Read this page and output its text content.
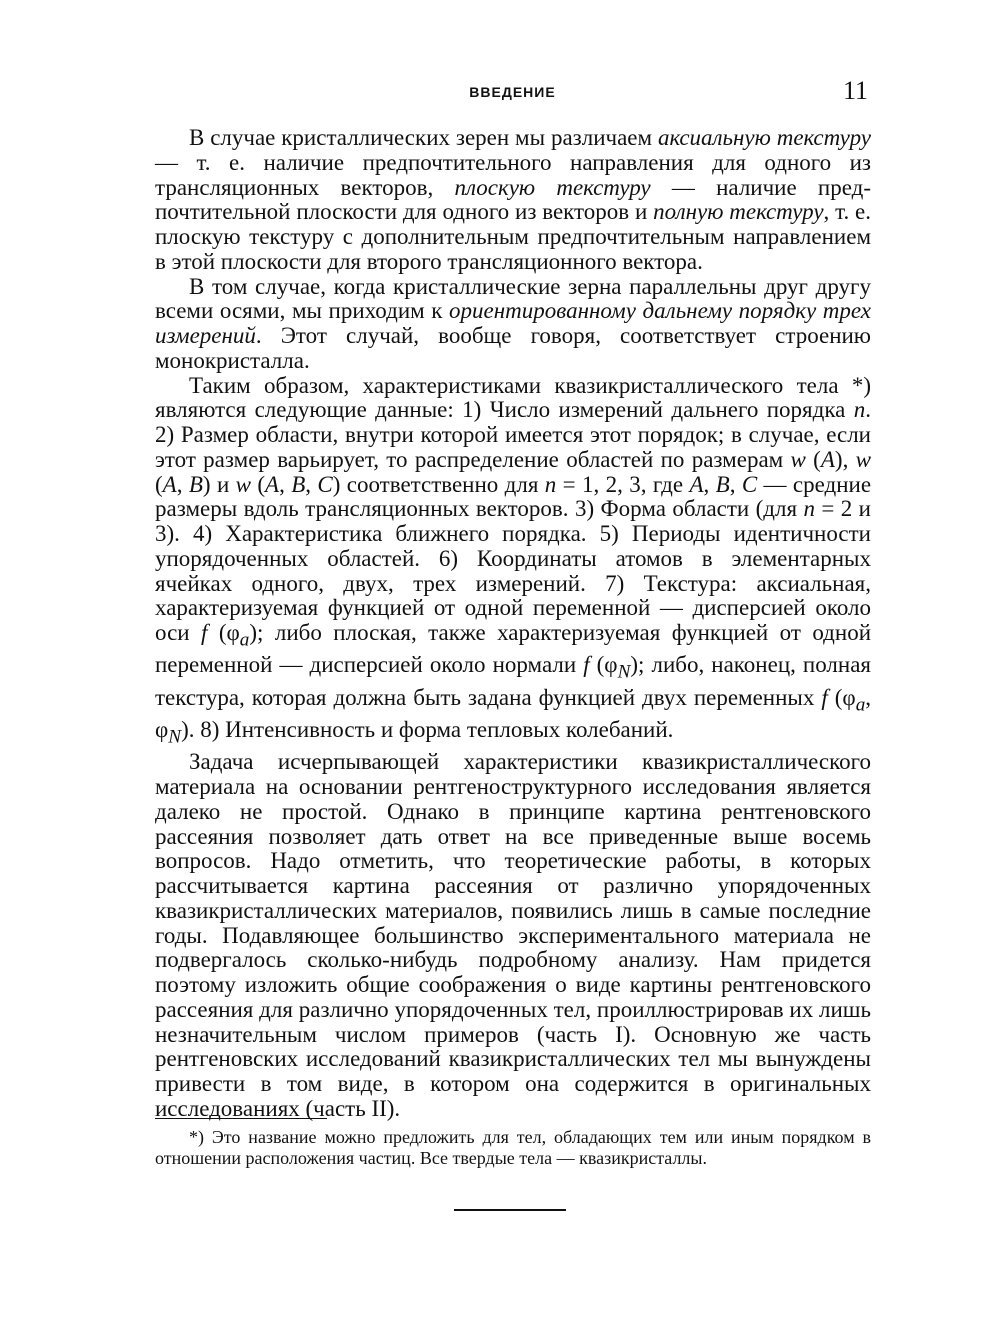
ВВЕДЕНИЕ	11

В случае кристаллических зерен мы различаем аксиальную текстуру — т. е. наличие предпочтительного направления для одного из трансляционных векторов, плоскую текстуру — наличие предпочтительной плоскости для одного из векторов и полную текстуру, т. е. плоскую текстуру с дополнительным предпочтительным направлением в этой плоскости для второго трансляционного вектора.

В том случае, когда кристаллические зерна параллельны друг другу всеми осями, мы приходим к ориентированному дальнему порядку трех измерений. Этот случай, вообще говоря, соответствует строению монокристалла.

Таким образом, характеристиками квазикристаллического тела *) являются следующие данные: 1) Число измерений дальнего порядка n. 2) Размер области, внутри которой имеется этот порядок; в случае, если этот размер варьирует, то распределение областей по размерам w (A), w (A, B) и w (A, B, C) соответственно для n = 1, 2, 3, где A, B, C — средние размеры вдоль трансляционных векторов. 3) Форма области (для n = 2 и 3). 4) Характеристика ближнего порядка. 5) Периоды идентичности упорядоченных областей. 6) Координаты атомов в элементарных ячейках одного, двух, трех измерений. 7) Текстура: аксиальная, характеризуемая функцией от одной переменной — дисперсией около оси f $(\varphi_a)$; либо плоская, также характеризуемая функцией от одной переменной — дисперсией около нормали f $(\varphi_N)$; либо, наконец, полная текстура, которая должна быть задана функцией двух переменных f ($\varphi_a$, $\varphi_N$). 8) Интенсивность и форма тепловых колебаний.

Задача исчерпывающей характеристики квазикристаллического материала на основании рентгеноструктурного исследования является далеко не простой. Однако в принципе картина рентгеновского рассеяния позволяет дать ответ на все приведенные выше восемь вопросов. Надо отметить, что теоретические работы, в которых рассчитывается картина рассеяния от различно упорядоченных квазикристаллических материалов, появились лишь в самые последние годы. Подавляющее большинство экспериментального материала не подвергалось сколько-нибудь подробному анализу. Нам придется поэтому изложить общие соображения о виде картины рентгеновского рассеяния для различно упорядоченных тел, проиллюстрировав их лишь незначительным числом примеров (часть I). Основную же часть рентгеновских исследований квазикристаллических тел мы вынуждены привести в том виде, в котором она содержится в оригинальных исследованиях (часть II).

*) Это название можно предложить для тел, обладающих тем или иным порядком в отношении расположения частиц. Все твердые тела — квазикристаллы.
